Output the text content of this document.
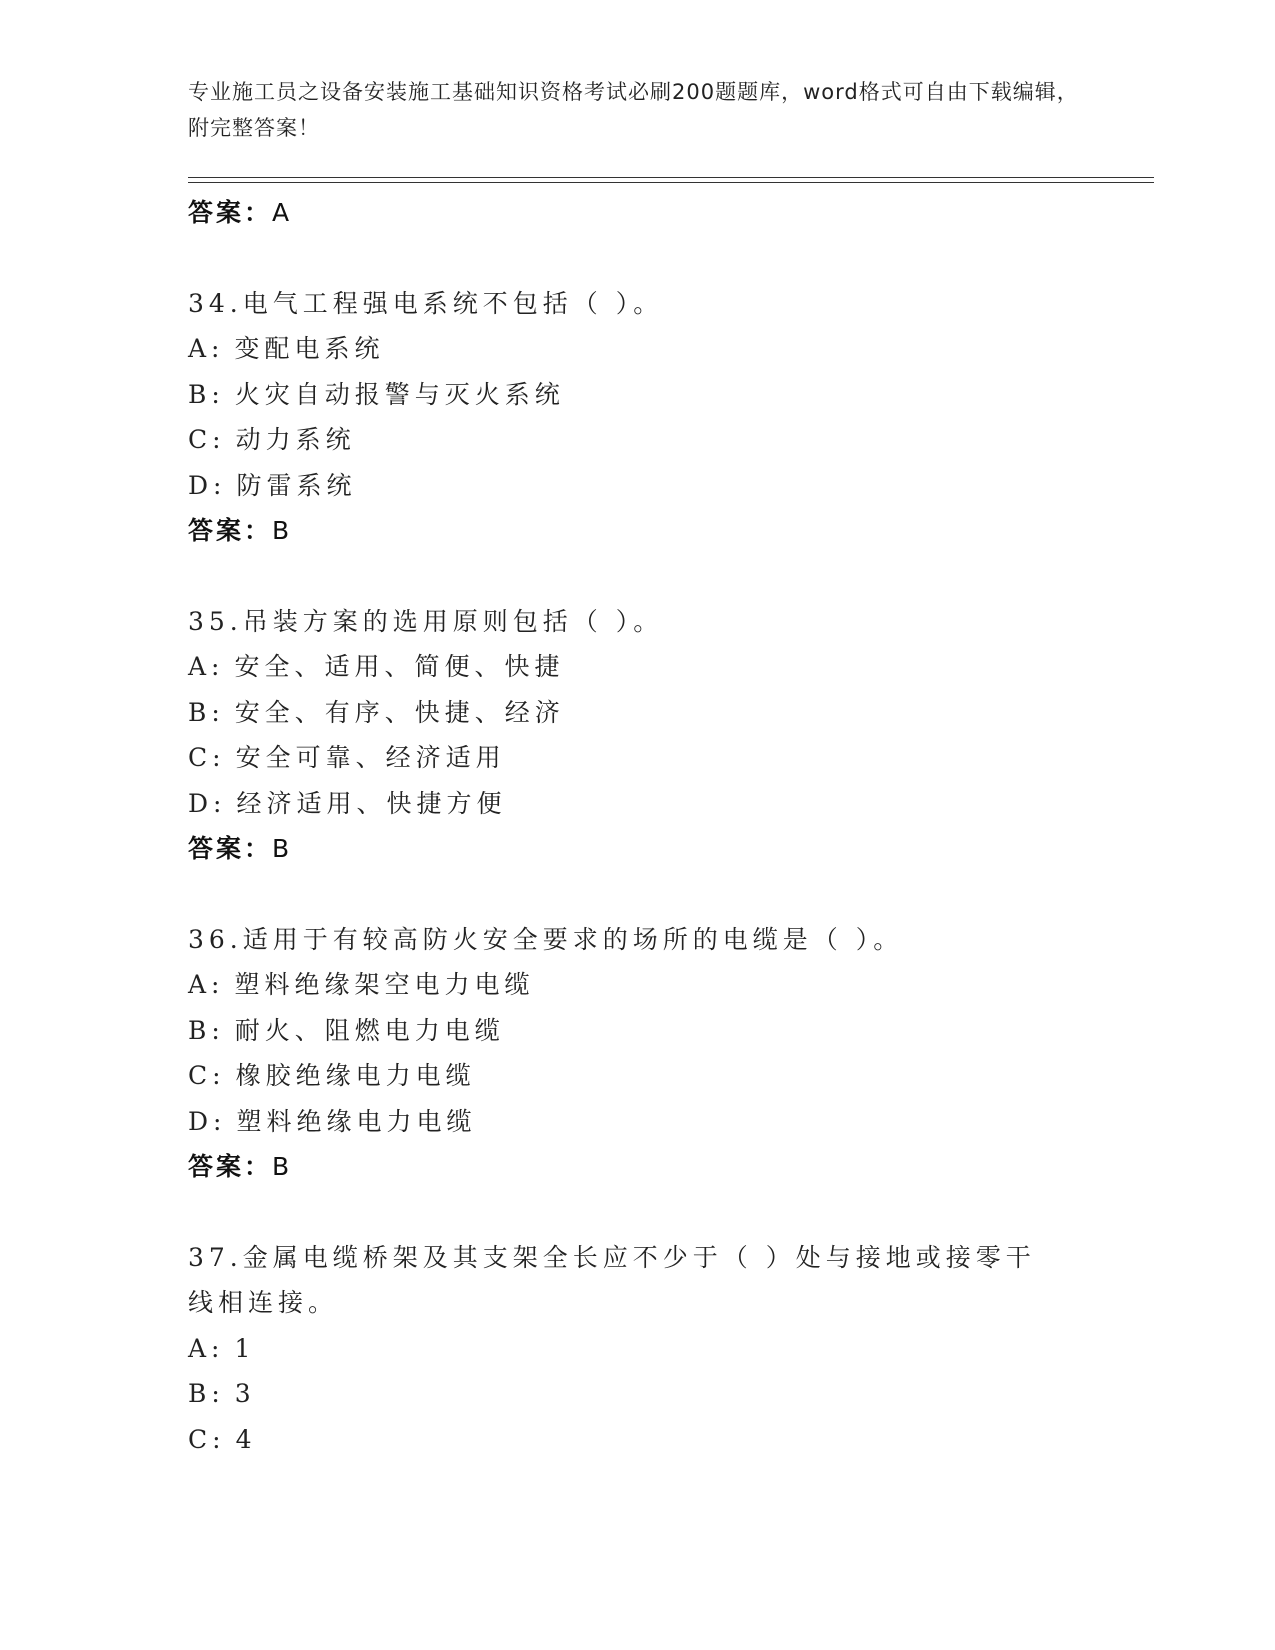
专业施工员之设备安装施工基础知识资格考试必刷200题题库，word格式可自由下载编辑，附完整答案！
答案：A
34.电气工程强电系统不包括（ ）。
A: 变配电系统
B: 火灾自动报警与灭火系统
C: 动力系统
D: 防雷系统
答案：B
35.吊装方案的选用原则包括（ ）。
A: 安全、适用、简便、快捷
B: 安全、有序、快捷、经济
C: 安全可靠、经济适用
D: 经济适用、快捷方便
答案：B
36.适用于有较高防火安全要求的场所的电缆是（ ）。
A: 塑料绝缘架空电力电缆
B: 耐火、阻燃电力电缆
C: 橡胶绝缘电力电缆
D: 塑料绝缘电力电缆
答案：B
37.金属电缆桥架及其支架全长应不少于（ ）处与接地或接零干线相连接。
A: 1
B: 3
C: 4
